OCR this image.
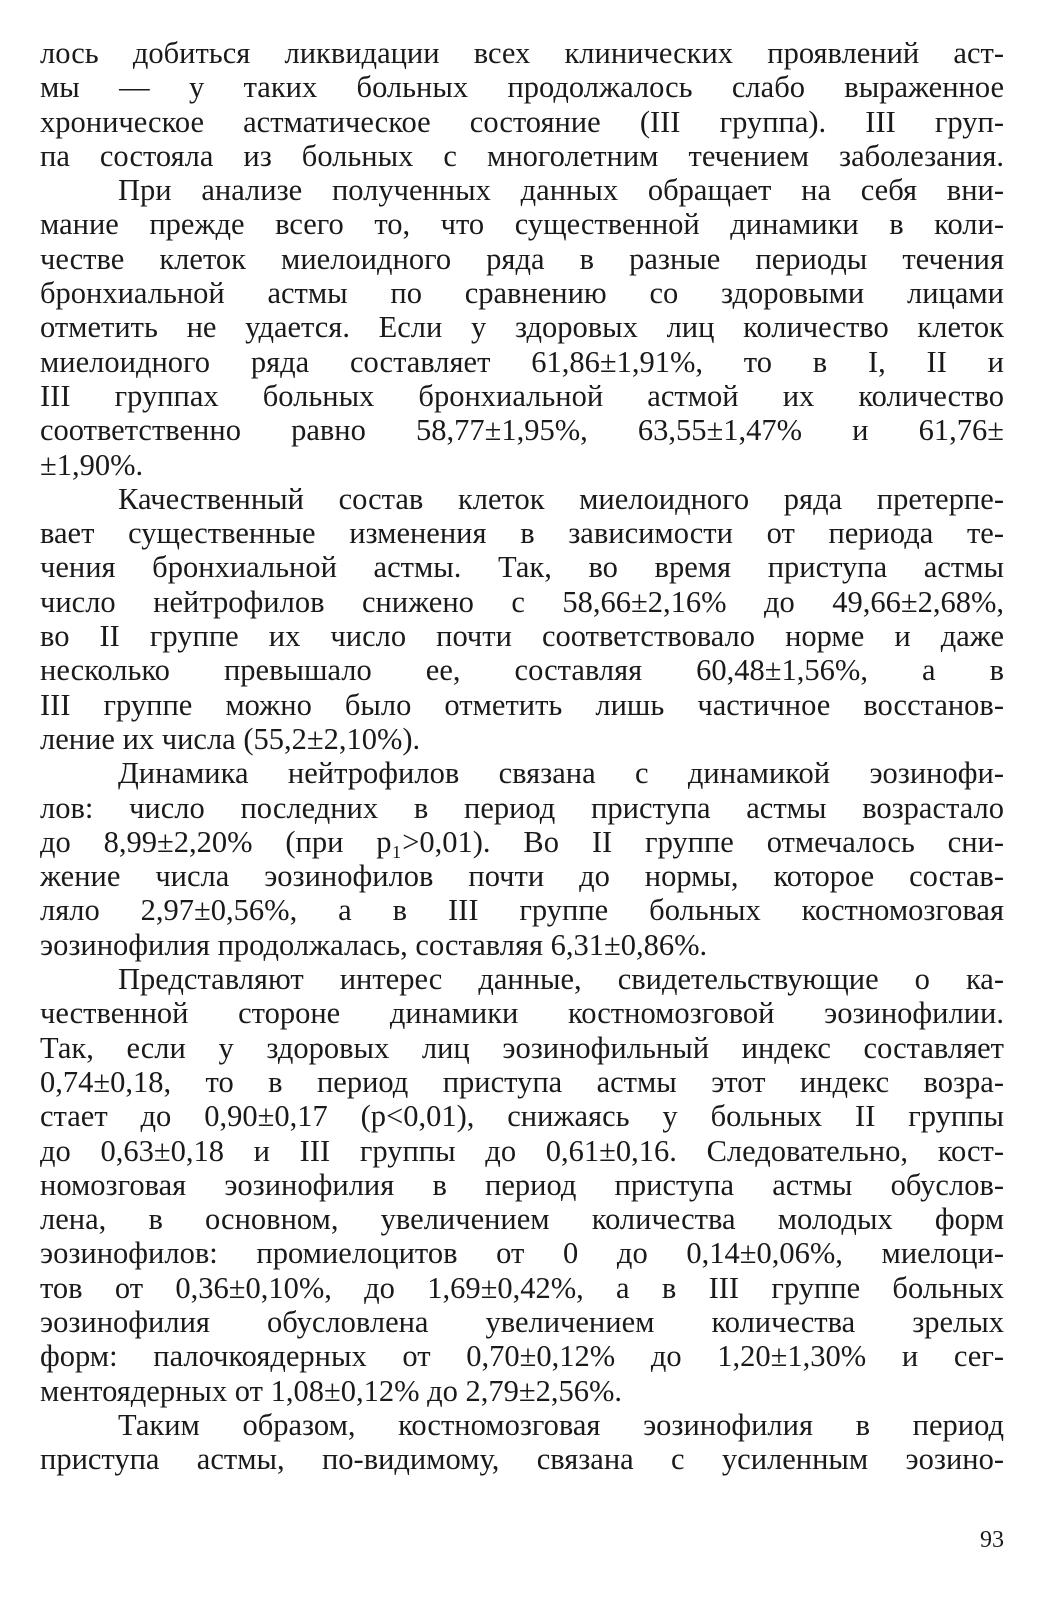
лось добиться ликвидации всех клинических проявлений аст-
мы — у таких больных продолжалось слабо выраженное
хроническое астматическое состояние (III группа). III груп-
па состояла из больных с многолетним течением заболезания.
При анализе полученных данных обращает на себя вни-
мание прежде всего то, что существенной динамики в коли-
честве клеток миелоидного ряда в разные периоды течения
бронхиальной астмы по сравнению со здоровыми лицами
отметить не удается. Если у здоровых лиц количество клеток
миелоидного ряда составляет 61,86±1,91%, то в I, II и
III группах больных бронхиальной астмой их количество
соответственно равно 58,77±1,95%, 63,55±1,47% и 61,76±
±1,90%.
Качественный состав клеток миелоидного ряда претерпе-
вает существенные изменения в зависимости от периода те-
чения бронхиальной астмы. Так, во время приступа астмы
число нейтрофилов снижено с 58,66±2,16% до 49,66±2,68%,
во II группе их число почти соответствовало норме и даже
несколько превышало ее, составляя 60,48±1,56%, а в
III группе можно было отметить лишь частичное восстанов-
ление их числа (55,2±2,10%).
Динамика нейтрофилов связана с динамикой эозинофи-
лов: число последних в период приступа астмы возрастало
до 8,99±2,20% (при p₁>0,01). Во II группе отмечалось сни-
жение числа эозинофилов почти до нормы, которое состав-
ляло 2,97±0,56%, а в III группе больных костномозговая
эозинофилия продолжалась, составляя 6,31±0,86%.
Представляют интерес данные, свидетельствующие о ка-
чественной стороне динамики костномозговой эозинофилии.
Так, если у здоровых лиц эозинофильный индекс составляет
0,74±0,18, то в период приступа астмы этот индекс возра-
стает до 0,90±0,17 (p<0,01), снижаясь у больных II группы
до 0,63±0,18 и III группы до 0,61±0,16. Следовательно, кост-
номозговая эозинофилия в период приступа астмы обуслов-
лена, в основном, увеличением количества молодых форм
эозинофилов: промиелоцитов от 0 до 0,14±0,06%, миелоци-
тов от 0,36±0,10%, до 1,69±0,42%, а в III группе больных
эозинофилия обусловлена увеличением количества зрелых
форм: палочкоядерных от 0,70±0,12% до 1,20±1,30% и сег-
ментоядерных от 1,08±0,12% до 2,79±2,56%.
Таким образом, костномозговая эозинофилия в период
приступа астмы, по-видимому, связана с усиленным эозино-
93
